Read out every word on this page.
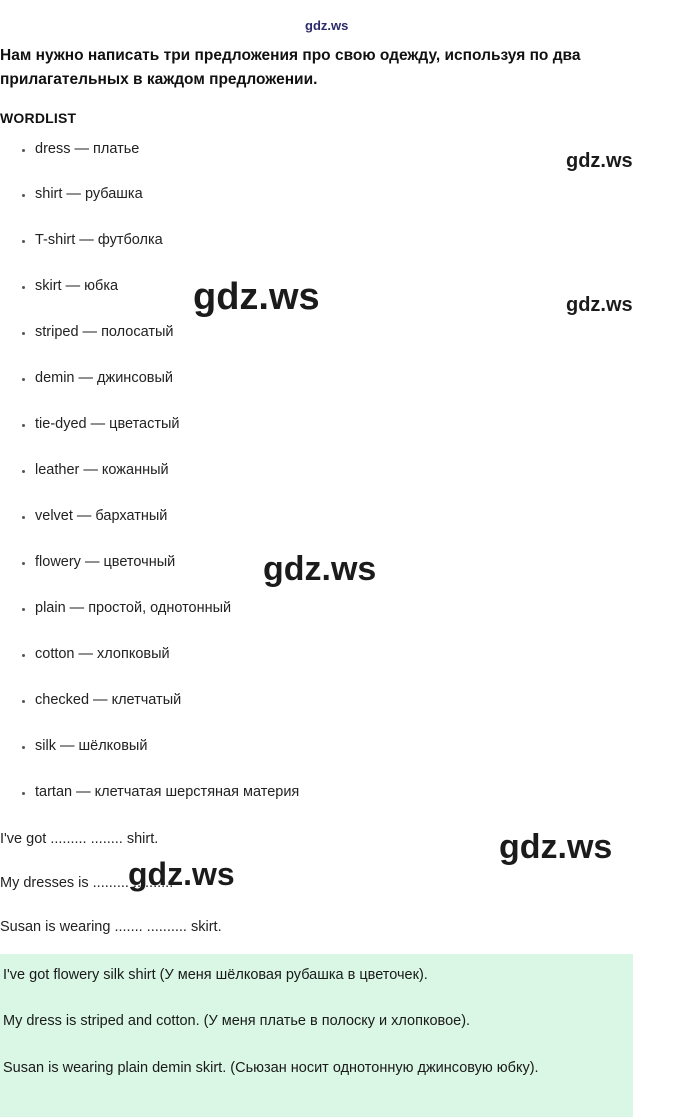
gdz.ws
gdz.ws
gdz.ws	gdz.ws
gdz.ws
gdz.ws
gdz.ws

Нам нужно написать три предложения про свою одежду, используя по два прилагательных в каждом предложении.

WORDLIST
dress — платье
shirt — рубашка
T-shirt — футболка
skirt — юбка
striped — полосатый
demin — джинсовый
tie-dyed — цветастый
leather — кожанный
velvet — бархатный
flowery — цветочный
plain — простой, однотонный
cotton — хлопковый
checked — клетчатый
silk — шёлковый
tartan — клетчатая шерстяная материя

I've got ......... ........ shirt.

My dresses is ......... ..........

Susan is wearing ....... .......... skirt.

I've got flowery silk shirt (У меня шёлковая рубашка в цветочек).

My dress is striped and cotton. (У меня платье в полоску и хлопковое).

Susan is wearing plain demin skirt. (Сьюзан носит однотонную джинсовую юбку).
